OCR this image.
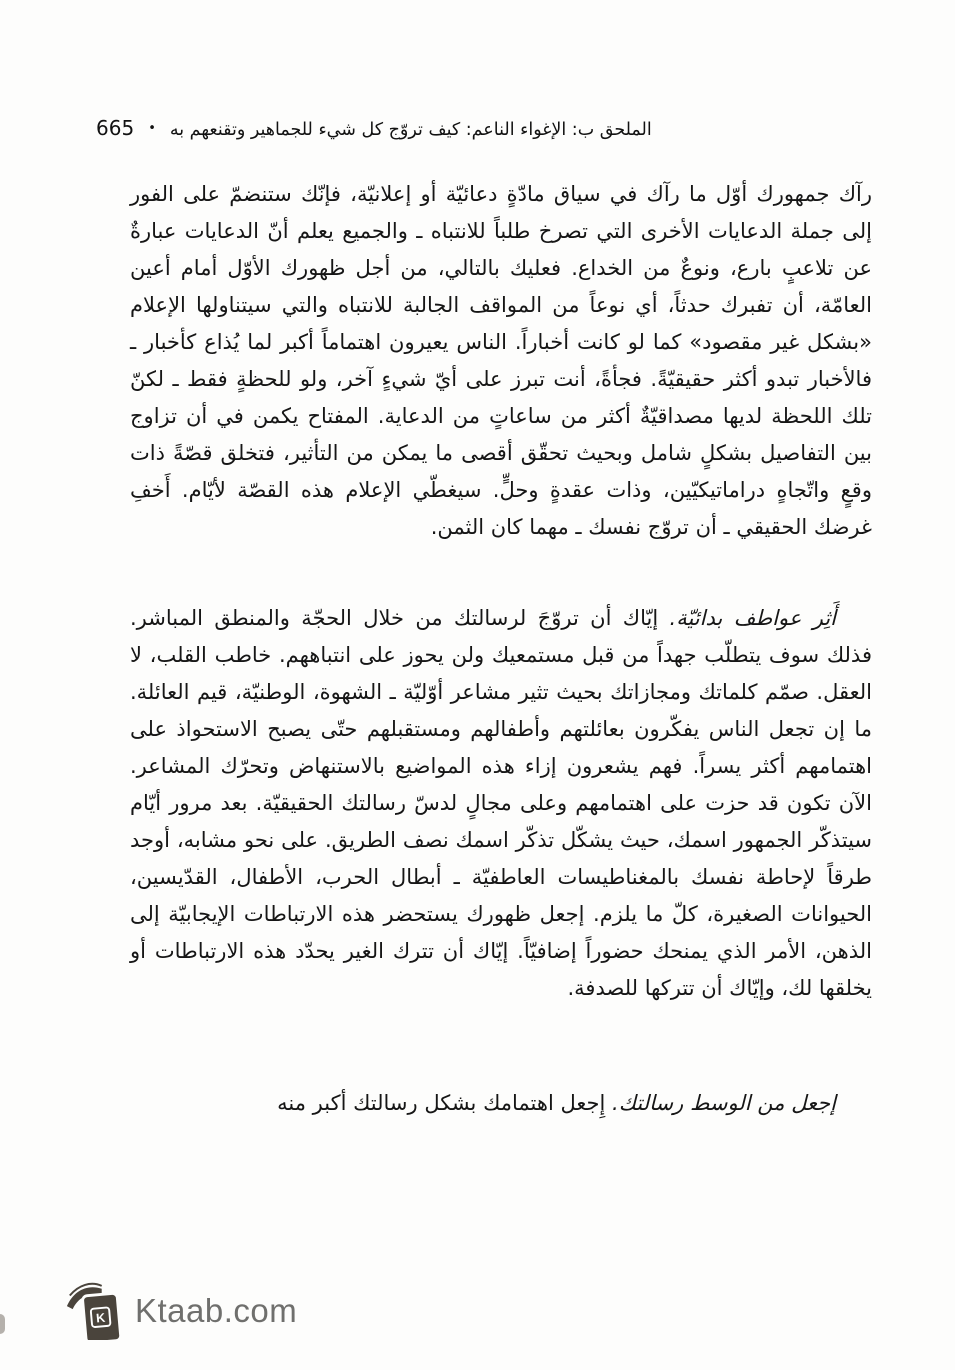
الملحق ب: الإغواء الناعم: كيف تروّج كل شيء للجماهير وتقنعهم به•665

رآك جمهورك أوّل ما رآك في سياق مادّةٍ دعائيّة أو إعلانيّة، فإنّك ستنضمّ على الفور إلى جملة الدعايات الأخرى التي تصرخ طلباً للانتباه ـ والجميع يعلم أنّ الدعايات عبارةٌ عن تلاعبٍ بارع، ونوعٌ من الخداع. فعليك بالتالي، من أجل ظهورك الأوّل أمام أعين العامّة، أن تفبرك حدثاً، أي نوعاً من المواقف الجالبة للانتباه والتي سيتناولها الإعلام «بشكل غير مقصود» كما لو كانت أخباراً. الناس يعيرون اهتماماً أكبر لما يُذاع كأخبار ـ فالأخبار تبدو أكثر حقيقيّةً. فجأةً، أنت تبرز على أيّ شيءٍ آخر، ولو للحظةٍ فقط ـ لكنّ تلك اللحظة لديها مصداقيّةٌ أكثر من ساعاتٍ من الدعاية. المفتاح يكمن في أن تزاوج بين التفاصيل بشكلٍ شامل وبحيث تحقّق أقصى ما يمكن من التأثير، فتخلق قصّةً ذات وقعٍ واتّجاهٍ دراماتيكيّين، وذات عقدةٍ وحلٍّ. سيغطّي الإعلام هذه القصّة لأيّام. أَخفِ غرضك الحقيقي ـ أن تروّج نفسك ـ مهما كان الثمن.

أَثِر عواطف بدائيّة. إيّاك أن تروّجَ لرسالتك من خلال الحجّة والمنطق المباشر. فذلك سوف يتطلّب جهداً من قبل مستمعيك ولن يحوز على انتباههم. خاطب القلب، لا العقل. صمّم كلماتك ومجازاتك بحيث تثير مشاعر أوّليّة ـ الشهوة، الوطنيّة، قيم العائلة. ما إن تجعل الناس يفكّرون بعائلتهم وأطفالهم ومستقبلهم حتّى يصبح الاستحواذ على اهتمامهم أكثر يسراً. فهم يشعرون إزاء هذه المواضيع بالاستنهاض وتحرّك المشاعر. الآن تكون قد حزت على اهتمامهم وعلى مجالٍ لدسّ رسالتك الحقيقيّة. بعد مرور أيّام سيتذكّر الجمهور اسمك، حيث يشكّل تذكّر اسمك نصف الطريق. على نحو مشابه، أوجد طرقاً لإحاطة نفسك بالمغناطيسات العاطفيّة ـ أبطال الحرب، الأطفال، القدّيسين، الحيوانات الصغيرة، كلّ ما يلزم. إجعل ظهورك يستحضر هذه الارتباطات الإيجابيّة إلى الذهن، الأمر الذي يمنحك حضوراً إضافيّاً. إيّاك أن تترك الغير يحدّد هذه الارتباطات أو يخلقها لك، وإيّاك أن تتركها للصدفة.

إجعل من الوسط رسالتك. إِجعل اهتمامك بشكل رسالتك أكبر منه

K Ktaab.com
